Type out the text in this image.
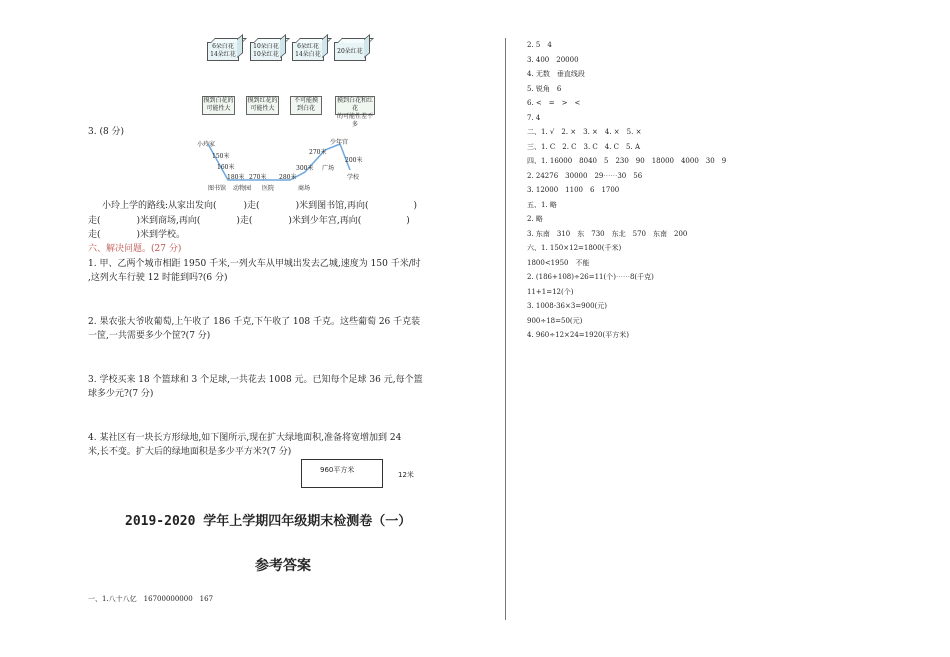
6朵白花
14朵红花
10朵白花
10朵红花
6朵红花
14朵白花	20朵红花
摸到白花的
可能性大
摸到红花的
可能性大
不可能摸
到白花
摸到白花和红花
的可能性差不多
3. (8 分)
小玲家	少年宫
150米
160米
180米 270米 280米
300米
270米
200米
广场
图书馆 动物园 医院	商场
学校
小玲上学的路线:从家出发向(　　　)走(　　　　)米到图书馆,再向(　　　　　)
走(　　　　)米到商场,再向(　　　　)走(　　　　)米到少年宫,再向(　　　　　)
走(　　　　)米到学校。
六、解决问题。(27 分)
1. 甲、乙两个城市相距 1950 千米,一列火车从甲城出发去乙城,速度为 150 千米/时
,这列火车行驶 12 时能到吗?(6 分)
2. 果农张大爷收葡萄,上午收了 186 千克,下午收了 108 千克。这些葡萄 26 千克装
一筐,一共需要多少个筐?(7 分)
3. 学校买来 18 个篮球和 3 个足球,一共花去 1008 元。已知每个足球 36 元,每个篮
球多少元?(7 分)
4. 某社区有一块长方形绿地,如下图所示,现在扩大绿地面积,准备将宽增加到 24
米,长不变。扩大后的绿地面积是多少平方米?(7 分)
960平方米
12米
2019-2020 学年上学期四年级期末检测卷（一）
参考答案
一、1.八十八亿　16700000000　167
2. 5　4
3. 400　20000
4. 无数　垂直线段
5. 锐角　6
6. <　=　>　<
7. 4
二、1. √　2. ×　3. ×　4. ×　5. ×
三、1. C　2. C　3. C　4. C　5. A
四、1. 16000　8040　5　230　90　18000　4000　30　9
2. 24276　30000　29⋯⋯30　56
3. 12000　1100　6　1700
五、1. 略
2. 略
3. 东南　310　东　730　东北　570　东南　200
六、1. 150×12=1800(千米)
1800<1950　不能
2. (186+108)÷26=11(个)⋯⋯8(千克)
11+1=12(个)
3. 1008-36×3=900(元)
900÷18=50(元)
4. 960÷12×24=1920(平方米)
